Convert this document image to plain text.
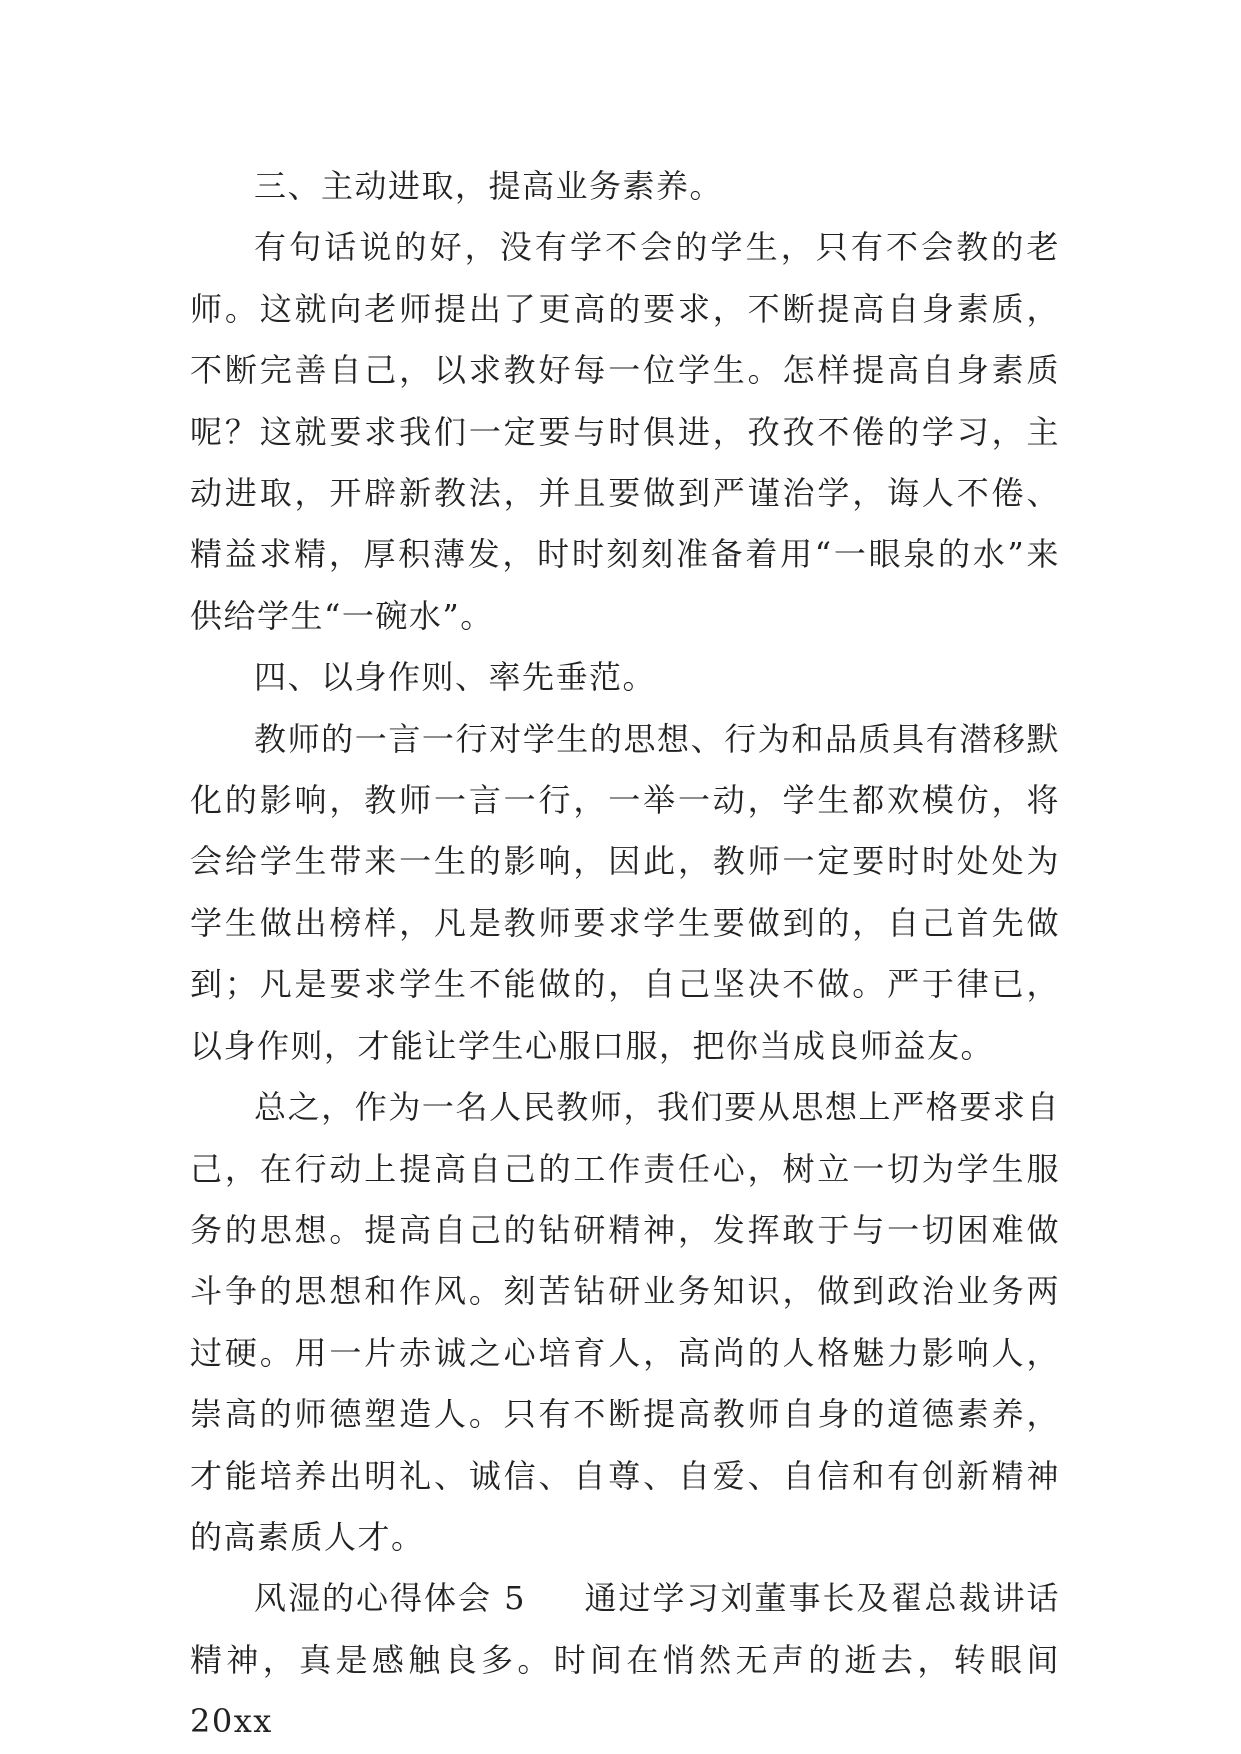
三、主动进取，提高业务素养。

有句话说的好，没有学不会的学生，只有不会教的老师。这就向老师提出了更高的要求，不断提高自身素质，不断完善自己，以求教好每一位学生。怎样提高自身素质呢？这就要求我们一定要与时俱进，孜孜不倦的学习，主动进取，开辟新教法，并且要做到严谨治学，诲人不倦、精益求精，厚积薄发，时时刻刻准备着用“一眼泉的水”来供给学生“一碗水”。

四、以身作则、率先垂范。

教师的一言一行对学生的思想、行为和品质具有潜移默化的影响，教师一言一行，一举一动，学生都欢模仿，将会给学生带来一生的影响，因此，教师一定要时时处处为学生做出榜样，凡是教师要求学生要做到的，自己首先做到；凡是要求学生不能做的，自己坚决不做。严于律已，以身作则，才能让学生心服口服，把你当成良师益友。

总之，作为一名人民教师，我们要从思想上严格要求自己，在行动上提高自己的工作责任心，树立一切为学生服务的思想。提高自己的钻研精神，发挥敢于与一切困难做斗争的思想和作风。刻苦钻研业务知识，做到政治业务两过硬。用一片赤诚之心培育人，高尚的人格魅力影响人，崇高的师德塑造人。只有不断提高教师自身的道德素养，才能培养出明礼、诚信、自尊、自爱、自信和有创新精神的高素质人才。

风湿的心得体会 5 通过学习刘董事长及翟总裁讲话精神，真是感触良多。时间在悄然无声的逝去，转眼间 20xx
